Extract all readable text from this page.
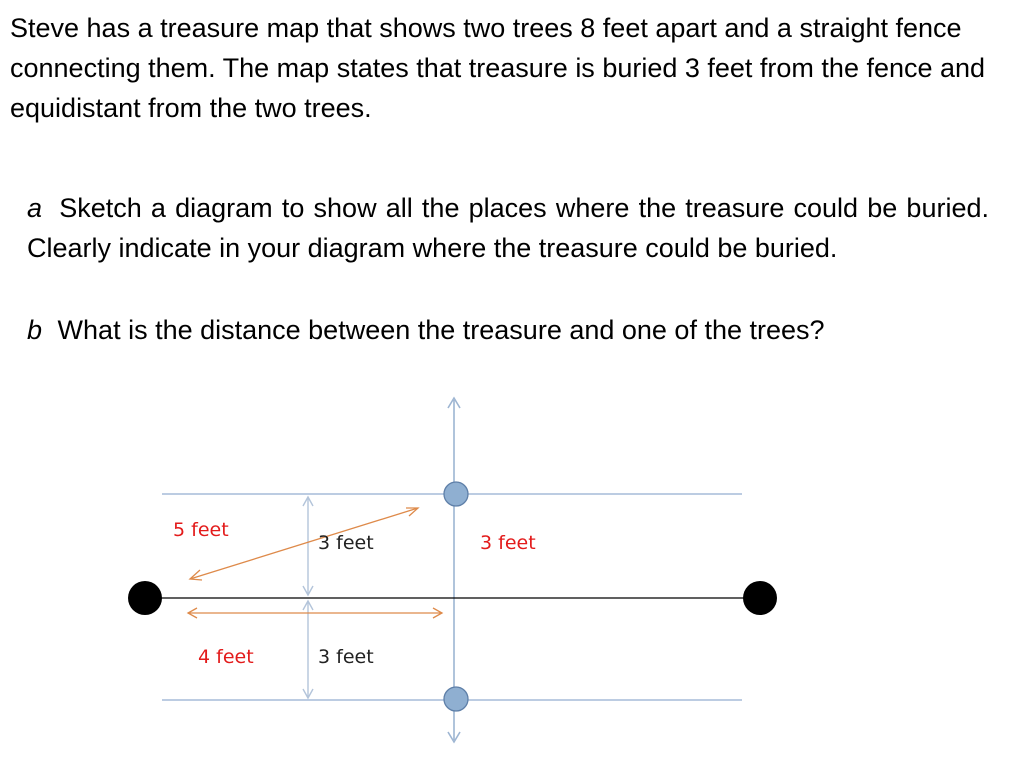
Steve has a treasure map that shows two trees 8 feet apart and a straight fence connecting them. The map states that treasure is buried 3 feet from the fence and equidistant from the two trees.

a Sketch a diagram to show all the places where the treasure could be buried. Clearly indicate in your diagram where the treasure could be buried.

b What is the distance between the treasure and one of the trees?

5 feet
3 feet	3 feet
4 feet	3 feet
